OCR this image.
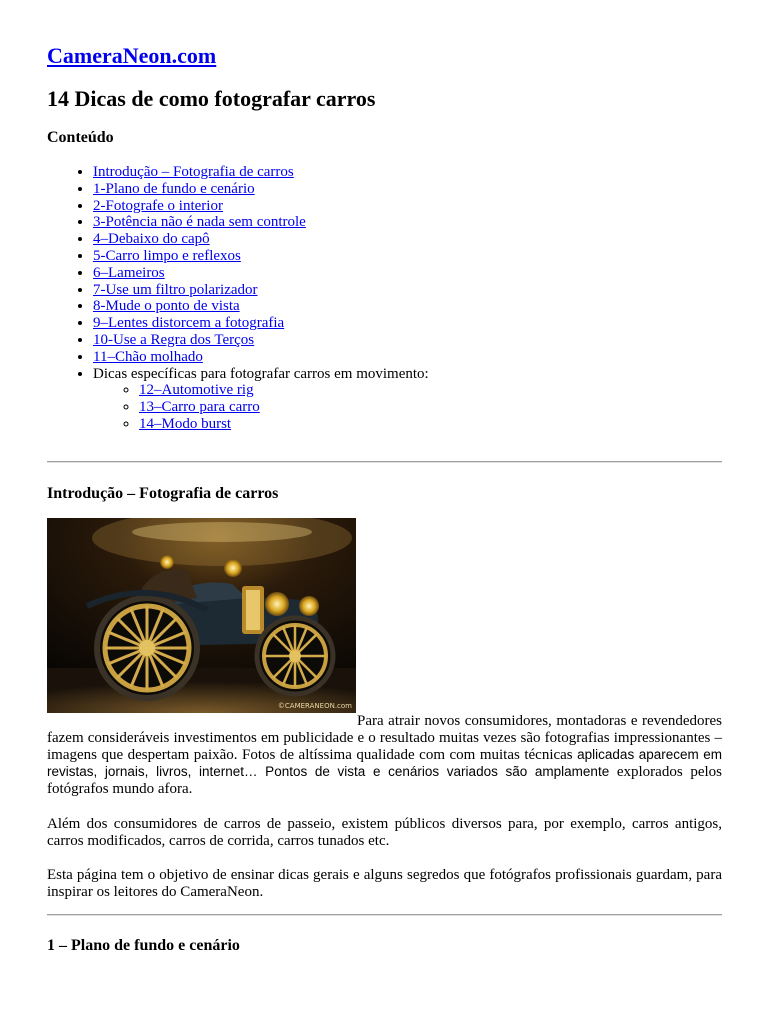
CameraNeon.com
14 Dicas de como fotografar carros
Conteúdo
• Introdução – Fotografia de carros
• 1-Plano de fundo e cenário
• 2-Fotografe o interior
• 3-Potência não é nada sem controle
• 4–Debaixo do capô
• 5-Carro limpo e reflexos
• 6–Lameiros
• 7-Use um filtro polarizador
• 8-Mude o ponto de vista
• 9–Lentes distorcem a fotografia
• 10-Use a Regra dos Terços
• 11–Chão molhado
• Dicas específicas para fotografar carros em movimento:
◦ 12–Automotive rig
◦ 13–Carro para carro
◦ 14–Modo burst
Introdução – Fotografia de carros
©CAMERANEON.com

Para atrair novos consumidores, montadoras e revendedores fazem consideráveis investimentos em publicidade e o resultado muitas vezes são fotografias impressionantes – imagens que despertam paixão. Fotos de altíssima qualidade com com muitas técnicas aplicadas aparecem em revistas, jornais, livros, internet… Pontos de vista e cenários variados são amplamente explorados pelos fotógrafos mundo afora.

Além dos consumidores de carros de passeio, existem públicos diversos para, por exemplo, carros antigos, carros modificados, carros de corrida, carros tunados etc.

Esta página tem o objetivo de ensinar dicas gerais e alguns segredos que fotógrafos profissionais guardam, para inspirar os leitores do CameraNeon.

1 – Plano de fundo e cenário
